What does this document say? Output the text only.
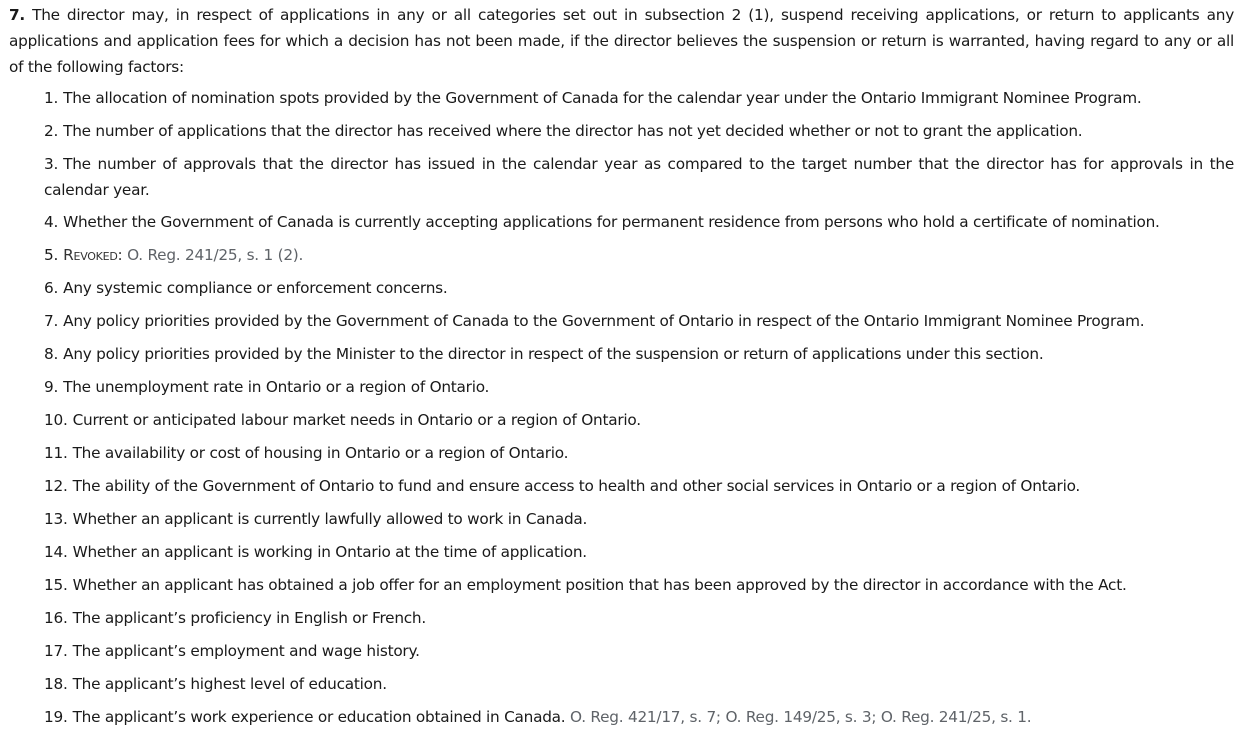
7. The director may, in respect of applications in any or all categories set out in subsection 2 (1), suspend receiving applications, or return to applicants any applications and application fees for which a decision has not been made, if the director believes the suspension or return is warranted, having regard to any or all of the following factors:

1. The allocation of nomination spots provided by the Government of Canada for the calendar year under the Ontario Immigrant Nominee Program.
2. The number of applications that the director has received where the director has not yet decided whether or not to grant the application.
3. The number of approvals that the director has issued in the calendar year as compared to the target number that the director has for approvals in the calendar year.
4. Whether the Government of Canada is currently accepting applications for permanent residence from persons who hold a certificate of nomination.
5. Revoked: O. Reg. 241/25, s. 1 (2).
6. Any systemic compliance or enforcement concerns.
7. Any policy priorities provided by the Government of Canada to the Government of Ontario in respect of the Ontario Immigrant Nominee Program.
8. Any policy priorities provided by the Minister to the director in respect of the suspension or return of applications under this section.
9. The unemployment rate in Ontario or a region of Ontario.
10. Current or anticipated labour market needs in Ontario or a region of Ontario.
11. The availability or cost of housing in Ontario or a region of Ontario.
12. The ability of the Government of Ontario to fund and ensure access to health and other social services in Ontario or a region of Ontario.
13. Whether an applicant is currently lawfully allowed to work in Canada.
14. Whether an applicant is working in Ontario at the time of application.
15. Whether an applicant has obtained a job offer for an employment position that has been approved by the director in accordance with the Act.
16. The applicant’s proficiency in English or French.
17. The applicant’s employment and wage history.
18. The applicant’s highest level of education.
19. The applicant’s work experience or education obtained in Canada. O. Reg. 421/17, s. 7; O. Reg. 149/25, s. 3; O. Reg. 241/25, s. 1.
